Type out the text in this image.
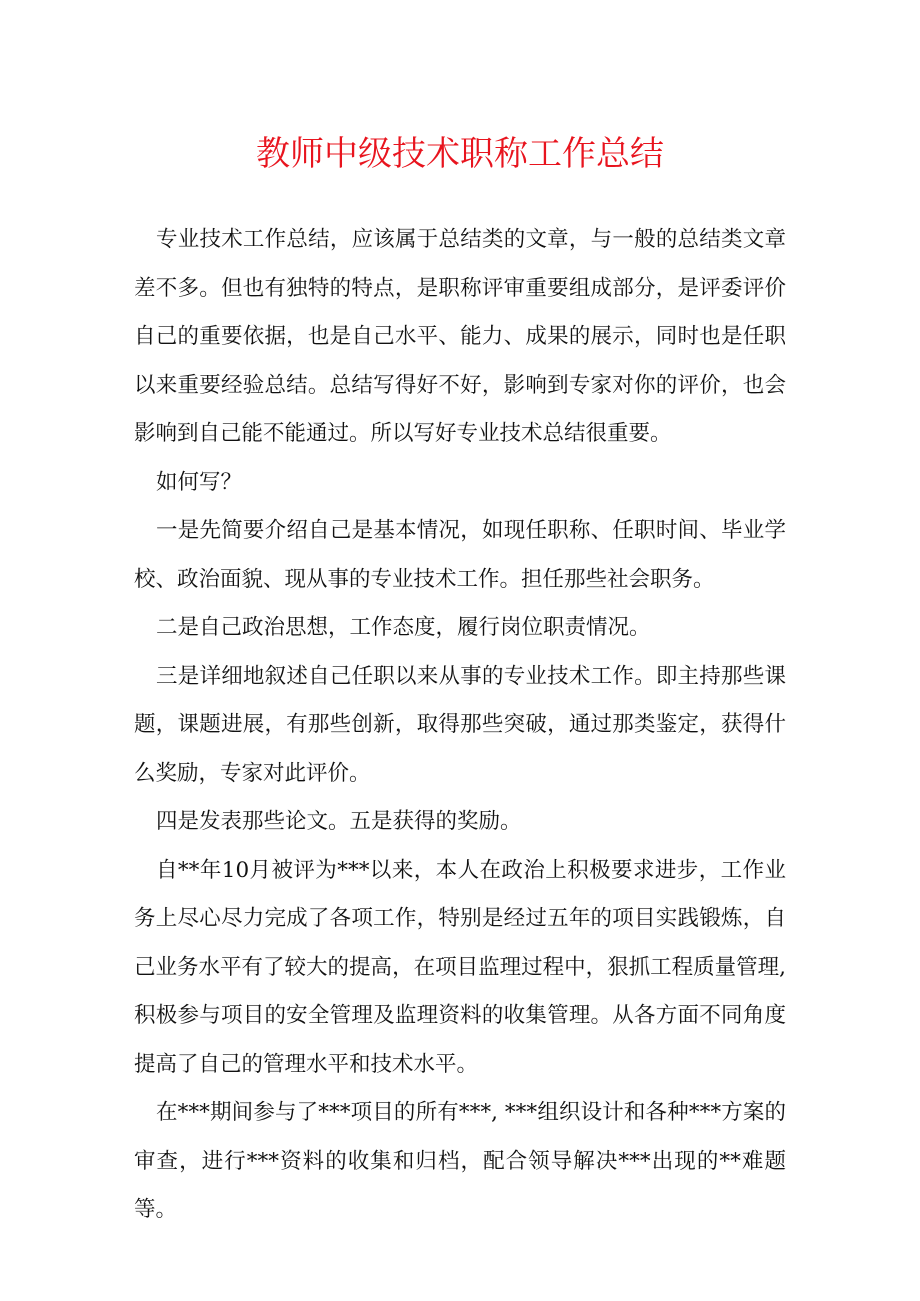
教师中级技术职称工作总结

专业技术工作总结，应该属于总结类的文章，与一般的总结类文章差不多。但也有独特的特点，是职称评审重要组成部分，是评委评价自己的重要依据，也是自己水平、能力、成果的展示，同时也是任职以来重要经验总结。总结写得好不好，影响到专家对你的评价，也会影响到自己能不能通过。所以写好专业技术总结很重要。

如何写？

一是先简要介绍自己是基本情况，如现任职称、任职时间、毕业学校、政治面貌、现从事的专业技术工作。担任那些社会职务。

二是自己政治思想，工作态度，履行岗位职责情况。

三是详细地叙述自己任职以来从事的专业技术工作。即主持那些课题，课题进展，有那些创新，取得那些突破，通过那类鉴定，获得什么奖励，专家对此评价。

四是发表那些论文。五是获得的奖励。

自**年10月被评为***以来，本人在政治上积极要求进步，工作业务上尽心尽力完成了各项工作，特别是经过五年的项目实践锻炼，自己业务水平有了较大的提高，在项目监理过程中，狠抓工程质量管理,积极参与项目的安全管理及监理资料的收集管理。从各方面不同角度提高了自己的管理水平和技术水平。

在***期间参与了***项目的所有***, ***组织设计和各种***方案的审查，进行***资料的收集和归档，配合领导解决***出现的**难题等。
